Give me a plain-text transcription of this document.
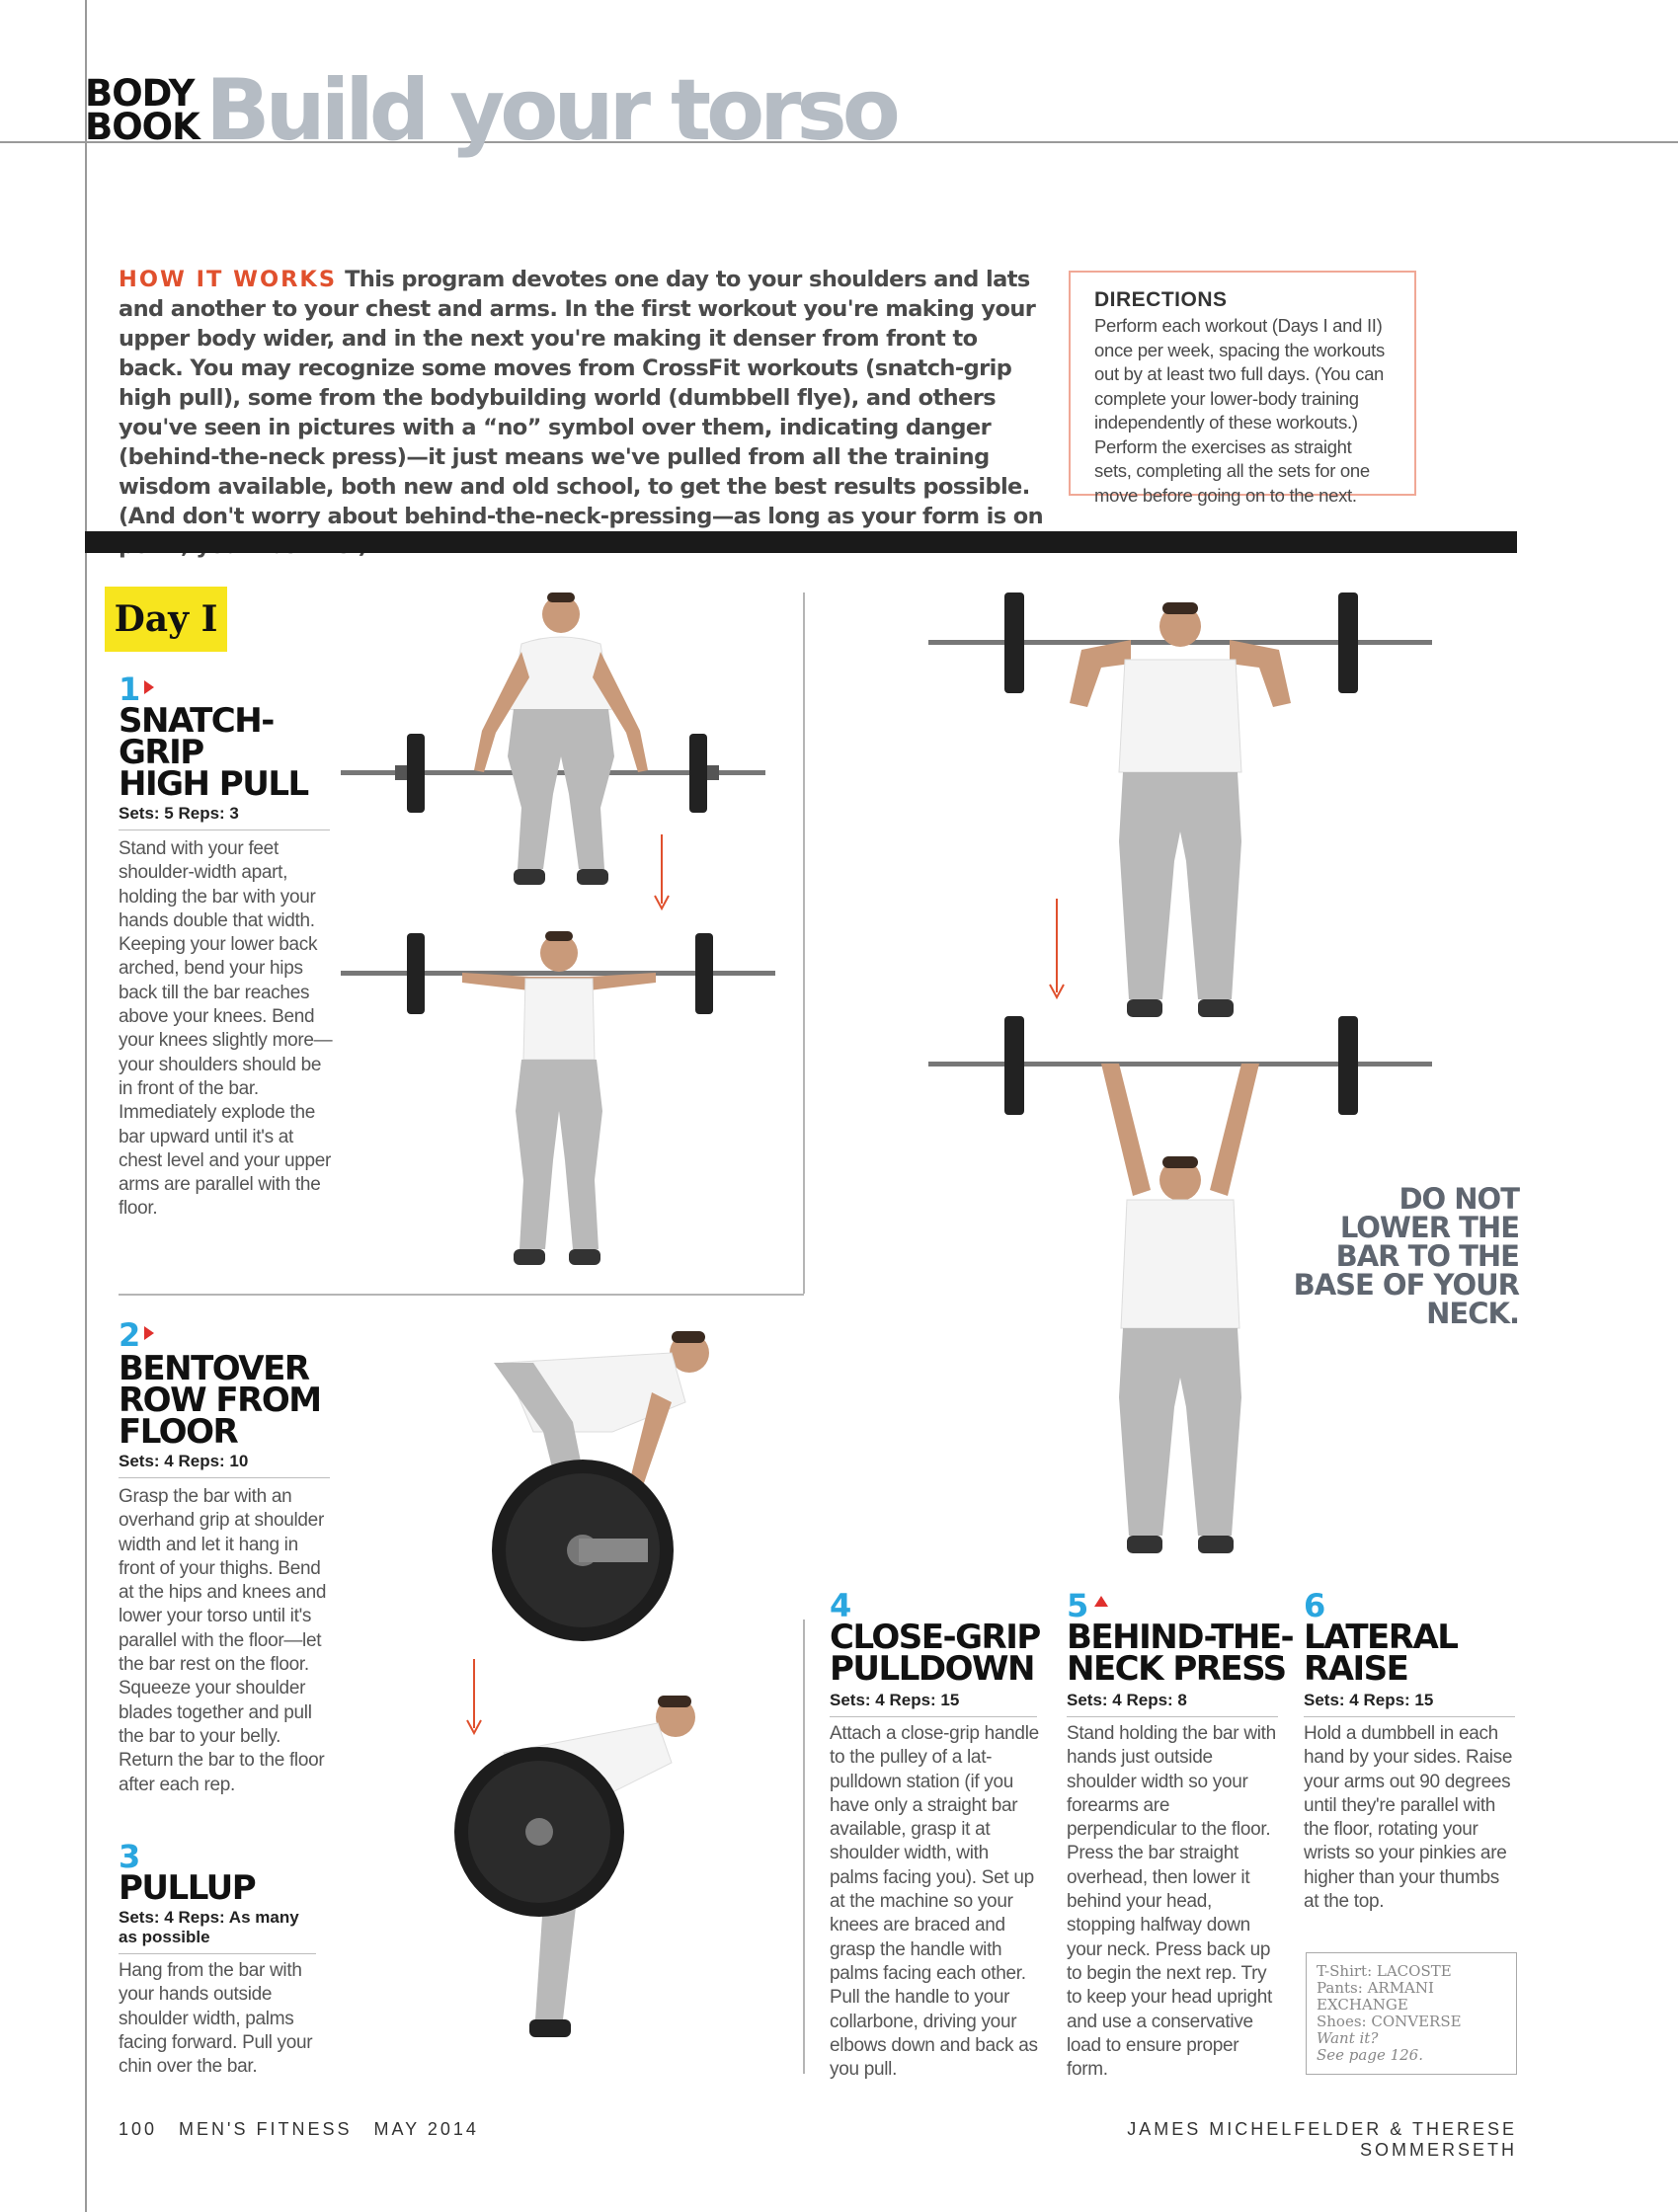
BODY
BOOK Build your torso
HOW IT WORKS This program devotes one day to your shoulders and lats and another to your chest and arms. In the first workout you're making your upper body wider, and in the next you're making it denser from front to back. You may recognize some moves from CrossFit workouts (snatch-grip high pull), some from the bodybuilding world (dumbbell flye), and others you've seen in pictures with a “no” symbol over them, indicating danger (behind-the-neck press)—it just means we've pulled from all the training wisdom available, both new and old school, to get the best results possible. (And don't worry about behind-the-neck-pressing—as long as your form is on
DIRECTIONS

Perform each workout (Days I and II) once per week, spacing the workouts out by at least two full days. (You can complete your lower-body training independently of these workouts.) Perform the exercises as straight sets, completing all the sets for one move before going on to the next.

Day I
1
SNATCH-
GRIP
HIGH PULL
Sets: 5 Reps: 3
Stand with your feet shoulder-width apart, holding the bar with your hands double that width. Keeping your lower back arched, bend your hips back till the bar reaches above your knees. Bend your knees slightly more—your shoulders should be in front of the bar. Immediately explode the bar upward until it's at chest level and your upper arms are parallel with the floor.
2
BENTOVER
ROW FROM
FLOOR
Sets: 4 Reps: 10
Grasp the bar with an overhand grip at shoulder width and let it hang in front of your thighs. Bend at the hips and knees and lower your torso until it's parallel with the floor—let the bar rest on the floor. Squeeze your shoulder blades together and pull the bar to your belly. Return the bar to the floor after each rep.
3
PULLUP
Sets: 4 Reps: As many as possible
Hang from the bar with your hands outside shoulder width, palms facing forward. Pull your chin over the bar.
4
CLOSE-GRIP
PULLDOWN
Sets: 4 Reps: 15
Attach a close-grip handle to the pulley of a lat-pulldown station (if you have only a straight bar available, grasp it at shoulder width, with palms facing you). Set up at the machine so your knees are braced and grasp the handle with palms facing each other. Pull the handle to your collarbone, driving your elbows down and back as you pull.
5
BEHIND-THE-
NECK PRESS
Sets: 4 Reps: 8
Stand holding the bar with hands just outside shoulder width so your forearms are perpendicular to the floor. Press the bar straight overhead, then lower it behind your head, stopping halfway down your neck. Press back up to begin the next rep. Try to keep your head upright and use a conservative load to ensure proper form.
6
LATERAL
RAISE
Sets: 4 Reps: 15
Hold a dumbbell in each hand by your sides. Raise your arms out 90 degrees until they're parallel with the floor, rotating your wrists so your pinkies are higher than your thumbs at the top.
DO NOT LOWER THE BAR TO THE BASE OF YOUR NECK.
T-Shirt: LACOSTE
Pants: ARMANI
EXCHANGE
Shoes: CONVERSE
Want it?
See page 126.
100 MEN'S FITNESS MAY 2014	JAMES MICHELFELDER & THERESE SOMMERSETH
